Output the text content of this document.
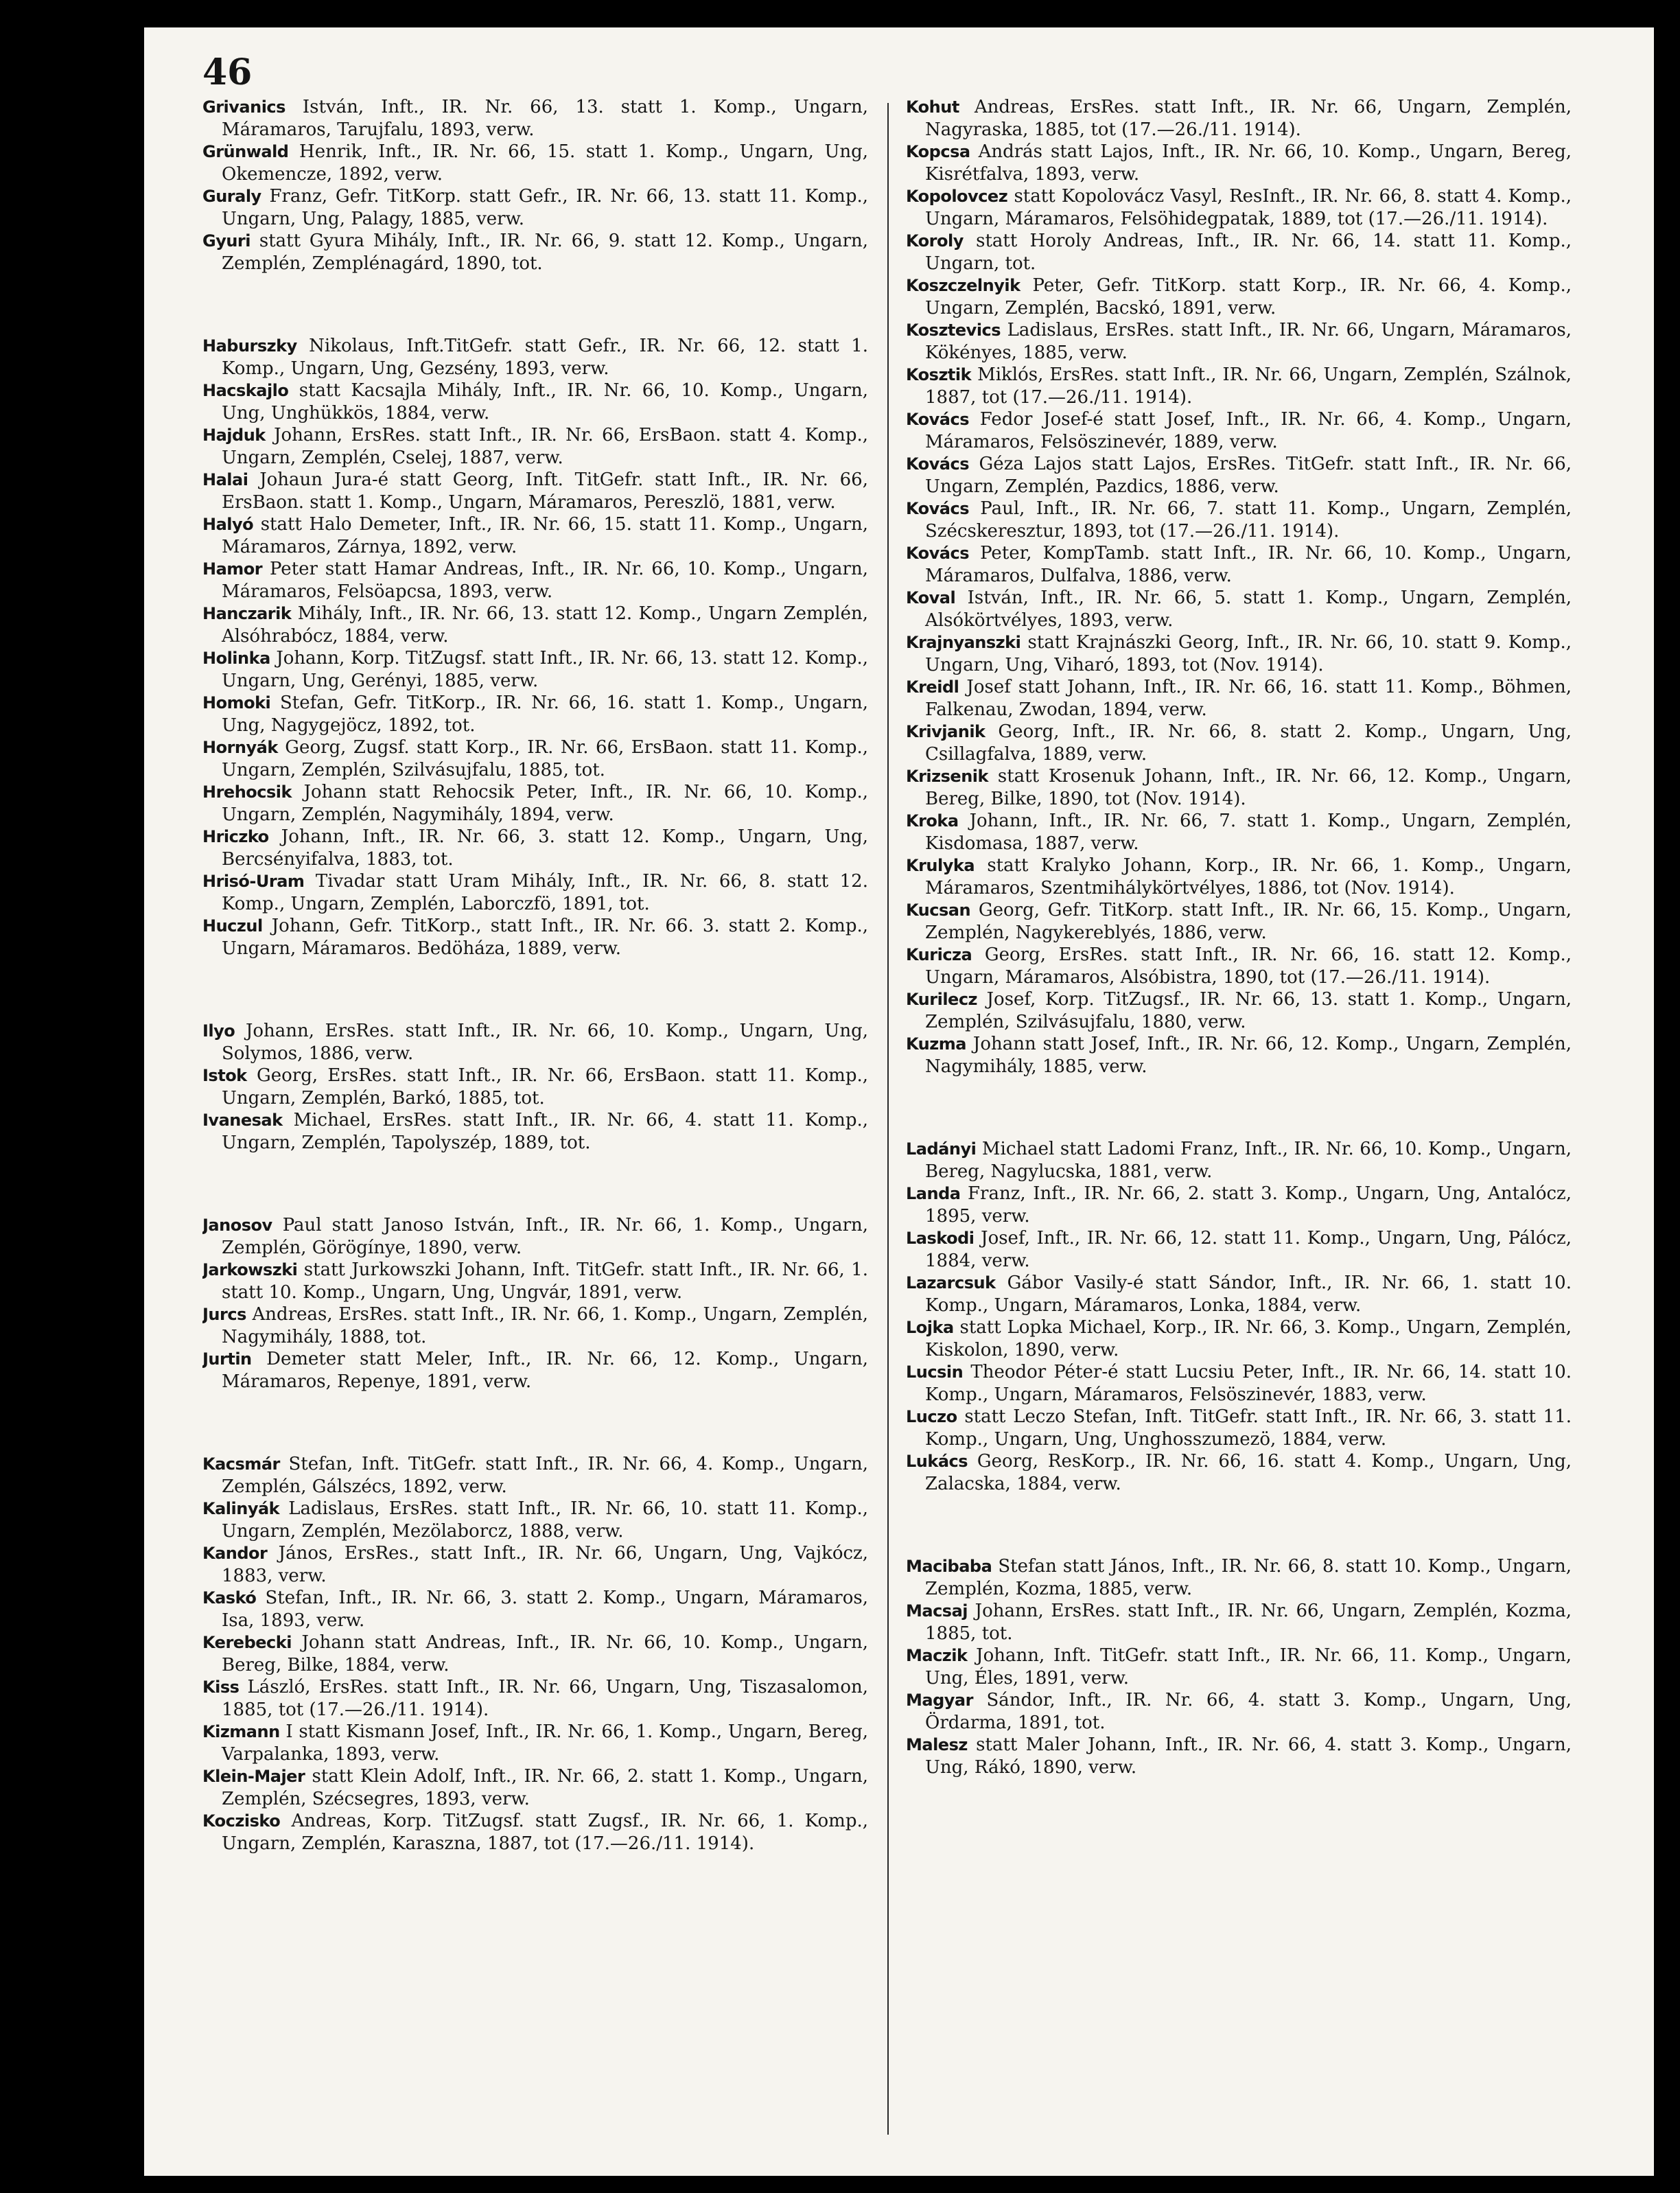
46

Grivanics István, Inft., IR. Nr. 66, 13. statt 1. Komp., Ungarn, Máramaros, Tarujfalu, 1893, verw.

Grünwald Henrik, Inft., IR. Nr. 66, 15. statt 1. Komp., Ungarn, Ung, Okemencze, 1892, verw.

Guraly Franz, Gefr. TitKorp. statt Gefr., IR. Nr. 66, 13. statt 11. Komp., Ungarn, Ung, Palagy, 1885, verw.

Gyuri statt Gyura Mihály, Inft., IR. Nr. 66, 9. statt 12. Komp., Ungarn, Zemplén, Zemplénagárd, 1890, tot.

Haburszky Nikolaus, Inft.TitGefr. statt Gefr., IR. Nr. 66, 12. statt 1. Komp., Ungarn, Ung, Gezsény, 1893, verw.

Hacskajlo statt Kacsajla Mihály, Inft., IR. Nr. 66, 10. Komp., Ungarn, Ung, Unghükkös, 1884, verw.

Hajduk Johann, ErsRes. statt Inft., IR. Nr. 66, ErsBaon. statt 4. Komp., Ungarn, Zemplén, Cselej, 1887, verw.

Halai Johaun Jura-é statt Georg, Inft. TitGefr. statt Inft., IR. Nr. 66, ErsBaon. statt 1. Komp., Ungarn, Máramaros, Pereszlö, 1881, verw.

Halyó statt Halo Demeter, Inft., IR. Nr. 66, 15. statt 11. Komp., Ungarn, Máramaros, Zárnya, 1892, verw.

Hamor Peter statt Hamar Andreas, Inft., IR. Nr. 66, 10. Komp., Ungarn, Máramaros, Felsöapcsa, 1893, verw.

Hanczarik Mihály, Inft., IR. Nr. 66, 13. statt 12. Komp., Ungarn Zemplén, Alsóhrabócz, 1884, verw.

Holinka Johann, Korp. TitZugsf. statt Inft., IR. Nr. 66, 13. statt 12. Komp., Ungarn, Ung, Gerényi, 1885, verw.

Homoki Stefan, Gefr. TitKorp., IR. Nr. 66, 16. statt 1. Komp., Ungarn, Ung, Nagygejöcz, 1892, tot.

Hornyák Georg, Zugsf. statt Korp., IR. Nr. 66, ErsBaon. statt 11. Komp., Ungarn, Zemplén, Szilvásujfalu, 1885, tot.

Hrehocsik Johann statt Rehocsik Peter, Inft., IR. Nr. 66, 10. Komp., Ungarn, Zemplén, Nagymihály, 1894, verw.

Hriczko Johann, Inft., IR. Nr. 66, 3. statt 12. Komp., Ungarn, Ung, Bercsényifalva, 1883, tot.

Hrisó-Uram Tivadar statt Uram Mihály, Inft., IR. Nr. 66, 8. statt 12. Komp., Ungarn, Zemplén, Laborczfö, 1891, tot.

Huczul Johann, Gefr. TitKorp., statt Inft., IR. Nr. 66. 3. statt 2. Komp., Ungarn, Máramaros. Bedöháza, 1889, verw.

Ilyo Johann, ErsRes. statt Inft., IR. Nr. 66, 10. Komp., Ungarn, Ung, Solymos, 1886, verw.

Istok Georg, ErsRes. statt Inft., IR. Nr. 66, ErsBaon. statt 11. Komp., Ungarn, Zemplén, Barkó, 1885, tot.

Ivanesak Michael, ErsRes. statt Inft., IR. Nr. 66, 4. statt 11. Komp., Ungarn, Zemplén, Tapolyszép, 1889, tot.

Janosov Paul statt Janoso István, Inft., IR. Nr. 66, 1. Komp., Ungarn, Zemplén, Görögínye, 1890, verw.

Jarkowszki statt Jurkowszki Johann, Inft. TitGefr. statt Inft., IR. Nr. 66, 1. statt 10. Komp., Ungarn, Ung, Ungvár, 1891, verw.

Jurcs Andreas, ErsRes. statt Inft., IR. Nr. 66, 1. Komp., Ungarn, Zemplén, Nagymihály, 1888, tot.

Jurtin Demeter statt Meler, Inft., IR. Nr. 66, 12. Komp., Ungarn, Máramaros, Repenye, 1891, verw.

Kacsmár Stefan, Inft. TitGefr. statt Inft., IR. Nr. 66, 4. Komp., Ungarn, Zemplén, Gálszécs, 1892, verw.

Kalinyák Ladislaus, ErsRes. statt Inft., IR. Nr. 66, 10. statt 11. Komp., Ungarn, Zemplén, Mezölaborcz, 1888, verw.

Kandor János, ErsRes., statt Inft., IR. Nr. 66, Ungarn, Ung, Vajkócz, 1883, verw.

Kaskó Stefan, Inft., IR. Nr. 66, 3. statt 2. Komp., Ungarn, Máramaros, Isa, 1893, verw.

Kerebecki Johann statt Andreas, Inft., IR. Nr. 66, 10. Komp., Ungarn, Bereg, Bilke, 1884, verw.

Kiss László, ErsRes. statt Inft., IR. Nr. 66, Ungarn, Ung, Tiszasalomon, 1885, tot (17.—26./11. 1914).

Kizmann I statt Kismann Josef, Inft., IR. Nr. 66, 1. Komp., Ungarn, Bereg, Varpalanka, 1893, verw.

Klein-Majer statt Klein Adolf, Inft., IR. Nr. 66, 2. statt 1. Komp., Ungarn, Zemplén, Szécsegres, 1893, verw.

Koczisko Andreas, Korp. TitZugsf. statt Zugsf., IR. Nr. 66, 1. Komp., Ungarn, Zemplén, Karaszna, 1887, tot (17.—26./11. 1914).

Kohut Andreas, ErsRes. statt Inft., IR. Nr. 66, Ungarn, Zemplén, Nagyraska, 1885, tot (17.—26./11. 1914).

Kopcsa András statt Lajos, Inft., IR. Nr. 66, 10. Komp., Ungarn, Bereg, Kisrétfalva, 1893, verw.

Kopolovcez statt Kopolovácz Vasyl, ResInft., IR. Nr. 66, 8. statt 4. Komp., Ungarn, Máramaros, Felsöhidegpatak, 1889, tot (17.—26./11. 1914).

Koroly statt Horoly Andreas, Inft., IR. Nr. 66, 14. statt 11. Komp., Ungarn, tot.

Koszczelnyik Peter, Gefr. TitKorp. statt Korp., IR. Nr. 66, 4. Komp., Ungarn, Zemplén, Bacskó, 1891, verw.

Kosztevics Ladislaus, ErsRes. statt Inft., IR. Nr. 66, Ungarn, Máramaros, Kökényes, 1885, verw.

Kosztik Miklós, ErsRes. statt Inft., IR. Nr. 66, Ungarn, Zemplén, Szálnok, 1887, tot (17.—26./11. 1914).

Kovács Fedor Josef-é statt Josef, Inft., IR. Nr. 66, 4. Komp., Ungarn, Máramaros, Felsöszinevér, 1889, verw.

Kovács Géza Lajos statt Lajos, ErsRes. TitGefr. statt Inft., IR. Nr. 66, Ungarn, Zemplén, Pazdics, 1886, verw.

Kovács Paul, Inft., IR. Nr. 66, 7. statt 11. Komp., Ungarn, Zemplén, Szécskeresztur, 1893, tot (17.—26./11. 1914).

Kovács Peter, KompTamb. statt Inft., IR. Nr. 66, 10. Komp., Ungarn, Máramaros, Dulfalva, 1886, verw.

Koval István, Inft., IR. Nr. 66, 5. statt 1. Komp., Ungarn, Zemplén, Alsókörtvélyes, 1893, verw.

Krajnyanszki statt Krajnászki Georg, Inft., IR. Nr. 66, 10. statt 9. Komp., Ungarn, Ung, Viharó, 1893, tot (Nov. 1914).

Kreidl Josef statt Johann, Inft., IR. Nr. 66, 16. statt 11. Komp., Böhmen, Falkenau, Zwodan, 1894, verw.

Krivjanik Georg, Inft., IR. Nr. 66, 8. statt 2. Komp., Ungarn, Ung, Csillagfalva, 1889, verw.

Krizsenik statt Krosenuk Johann, Inft., IR. Nr. 66, 12. Komp., Ungarn, Bereg, Bilke, 1890, tot (Nov. 1914).

Kroka Johann, Inft., IR. Nr. 66, 7. statt 1. Komp., Ungarn, Zemplén, Kisdomasa, 1887, verw.

Krulyka statt Kralyko Johann, Korp., IR. Nr. 66, 1. Komp., Ungarn, Máramaros, Szentmihálykörtvélyes, 1886, tot (Nov. 1914).

Kucsan Georg, Gefr. TitKorp. statt Inft., IR. Nr. 66, 15. Komp., Ungarn, Zemplén, Nagykereblyés, 1886, verw.

Kuricza Georg, ErsRes. statt Inft., IR. Nr. 66, 16. statt 12. Komp., Ungarn, Máramaros, Alsóbistra, 1890, tot (17.—26./11. 1914).

Kurilecz Josef, Korp. TitZugsf., IR. Nr. 66, 13. statt 1. Komp., Ungarn, Zemplén, Szilvásujfalu, 1880, verw.

Kuzma Johann statt Josef, Inft., IR. Nr. 66, 12. Komp., Ungarn, Zemplén, Nagymihály, 1885, verw.

Ladányi Michael statt Ladomi Franz, Inft., IR. Nr. 66, 10. Komp., Ungarn, Bereg, Nagylucska, 1881, verw.

Landa Franz, Inft., IR. Nr. 66, 2. statt 3. Komp., Ungarn, Ung, Antalócz, 1895, verw.

Laskodi Josef, Inft., IR. Nr. 66, 12. statt 11. Komp., Ungarn, Ung, Pálócz, 1884, verw.

Lazarcsuk Gábor Vasily-é statt Sándor, Inft., IR. Nr. 66, 1. statt 10. Komp., Ungarn, Máramaros, Lonka, 1884, verw.

Lojka statt Lopka Michael, Korp., IR. Nr. 66, 3. Komp., Ungarn, Zemplén, Kiskolon, 1890, verw.

Lucsin Theodor Péter-é statt Lucsiu Peter, Inft., IR. Nr. 66, 14. statt 10. Komp., Ungarn, Máramaros, Felsöszinevér, 1883, verw.

Luczo statt Leczo Stefan, Inft. TitGefr. statt Inft., IR. Nr. 66, 3. statt 11. Komp., Ungarn, Ung, Unghosszumezö, 1884, verw.

Lukács Georg, ResKorp., IR. Nr. 66, 16. statt 4. Komp., Ungarn, Ung, Zalacska, 1884, verw.

Macibaba Stefan statt János, Inft., IR. Nr. 66, 8. statt 10. Komp., Ungarn, Zemplén, Kozma, 1885, verw.

Macsaj Johann, ErsRes. statt Inft., IR. Nr. 66, Ungarn, Zemplén, Kozma, 1885, tot.

Maczik Johann, Inft. TitGefr. statt Inft., IR. Nr. 66, 11. Komp., Ungarn, Ung, Éles, 1891, verw.

Magyar Sándor, Inft., IR. Nr. 66, 4. statt 3. Komp., Ungarn, Ung, Ördarma, 1891, tot.

Malesz statt Maler Johann, Inft., IR. Nr. 66, 4. statt 3. Komp., Ungarn, Ung, Rákó, 1890, verw.
